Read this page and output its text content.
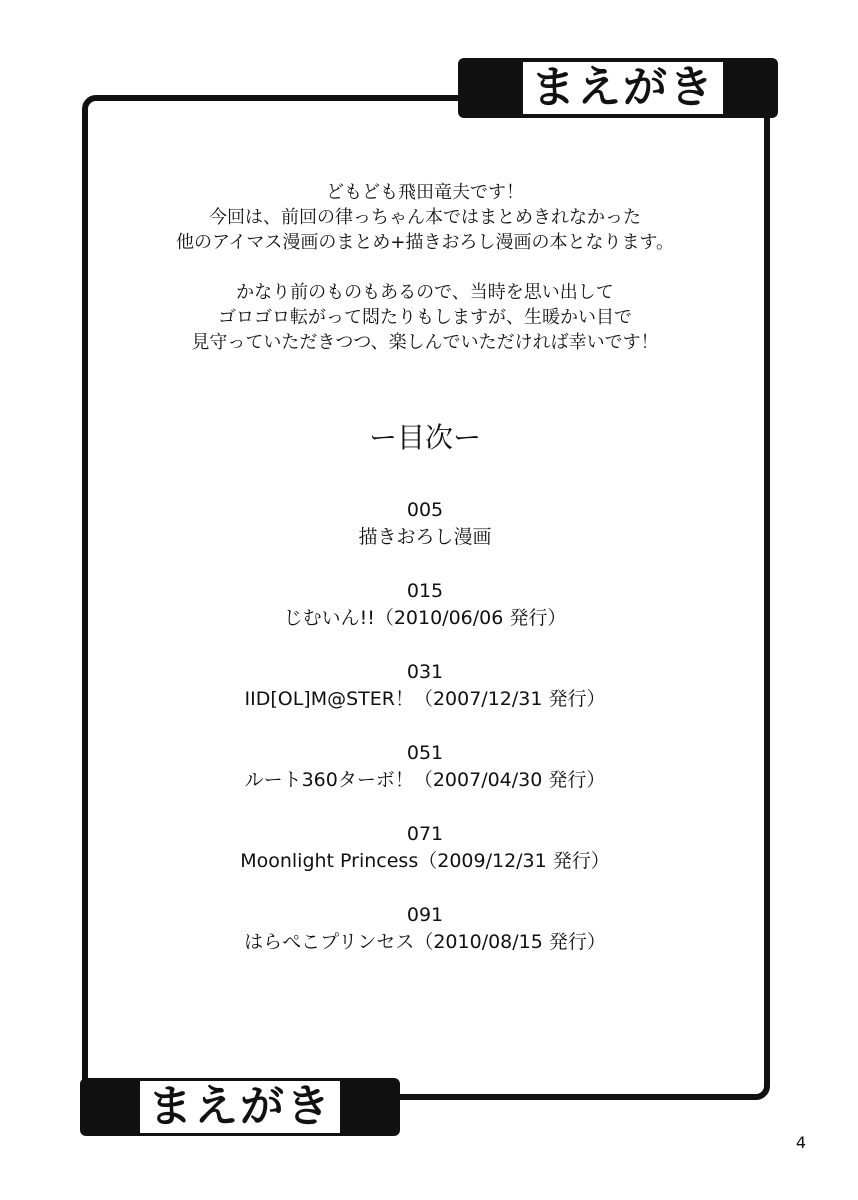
まえがき

どもども飛田竜夫です！

今回は、前回の律っちゃん本ではまとめきれなかった

他のアイマス漫画のまとめ+描きおろし漫画の本となります。

かなり前のものもあるので、当時を思い出して

ゴロゴロ転がって悶たりもしますが、生暖かい目で

見守っていただきつつ、楽しんでいただければ幸いです！

ー目次ー
005
描きおろし漫画
015
じむいん!!（2010/06/06 発行）
031
IID[OL]M@STER！（2007/12/31 発行）
051
ルート360ターボ！（2007/04/30 発行）
071
Moonlight Princess（2009/12/31 発行）
091
はらぺこプリンセス（2010/08/15 発行）
まえがき
4
